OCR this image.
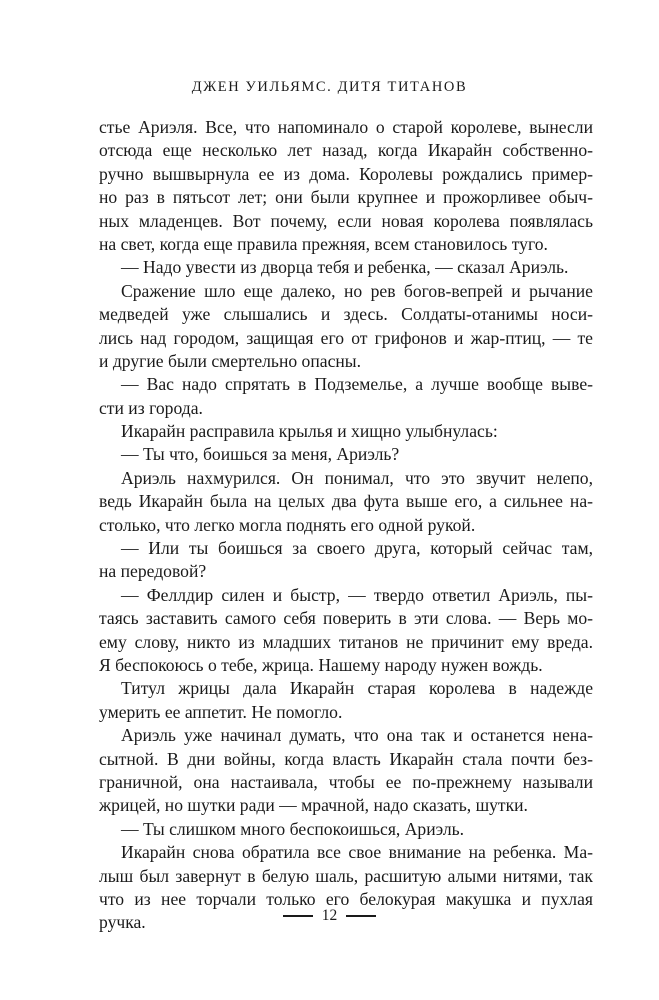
ДЖЕН УИЛЬЯМС. ДИТЯ ТИТАНОВ
стье Ариэля. Все, что напоминало о старой королеве, вынесли
отсюда еще несколько лет назад, когда Икарайн собственно-
ручно вышвырнула ее из дома. Королевы рождались пример-
но раз в пятьсот лет; они были крупнее и прожорливее обыч-
ных младенцев. Вот почему, если новая королева появлялась
на свет, когда еще правила прежняя, всем становилось туго.
— Надо увести из дворца тебя и ребенка, — сказал Ариэль.
Сражение шло еще далеко, но рев богов-вепрей и рычание
медведей уже слышались и здесь. Солдаты-отанимы носи-
лись над городом, защищая его от грифонов и жар-птиц, — те
и другие были смертельно опасны.
— Вас надо спрятать в Подземелье, а лучше вообще выве-
сти из города.
Икарайн расправила крылья и хищно улыбнулась:
— Ты что, боишься за меня, Ариэль?
Ариэль нахмурился. Он понимал, что это звучит нелепо,
ведь Икарайн была на целых два фута выше его, а сильнее на-
столько, что легко могла поднять его одной рукой.
— Или ты боишься за своего друга, который сейчас там,
на передовой?
— Феллдир силен и быстр, — твердо ответил Ариэль, пы-
таясь заставить самого себя поверить в эти слова. — Верь мо-
ему слову, никто из младших титанов не причинит ему вреда.
Я беспокоюсь о тебе, жрица. Нашему народу нужен вождь.
Титул жрицы дала Икарайн старая королева в надежде
умерить ее аппетит. Не помогло.
Ариэль уже начинал думать, что она так и останется нена-
сытной. В дни войны, когда власть Икарайн стала почти без-
граничной, она настаивала, чтобы ее по-прежнему называли
жрицей, но шутки ради — мрачной, надо сказать, шутки.
— Ты слишком много беспокоишься, Ариэль.
Икарайн снова обратила все свое внимание на ребенка. Ма-
лыш был завернут в белую шаль, расшитую алыми нитями, так
что из нее торчали только его белокурая макушка и пухлая
ручка.	12
